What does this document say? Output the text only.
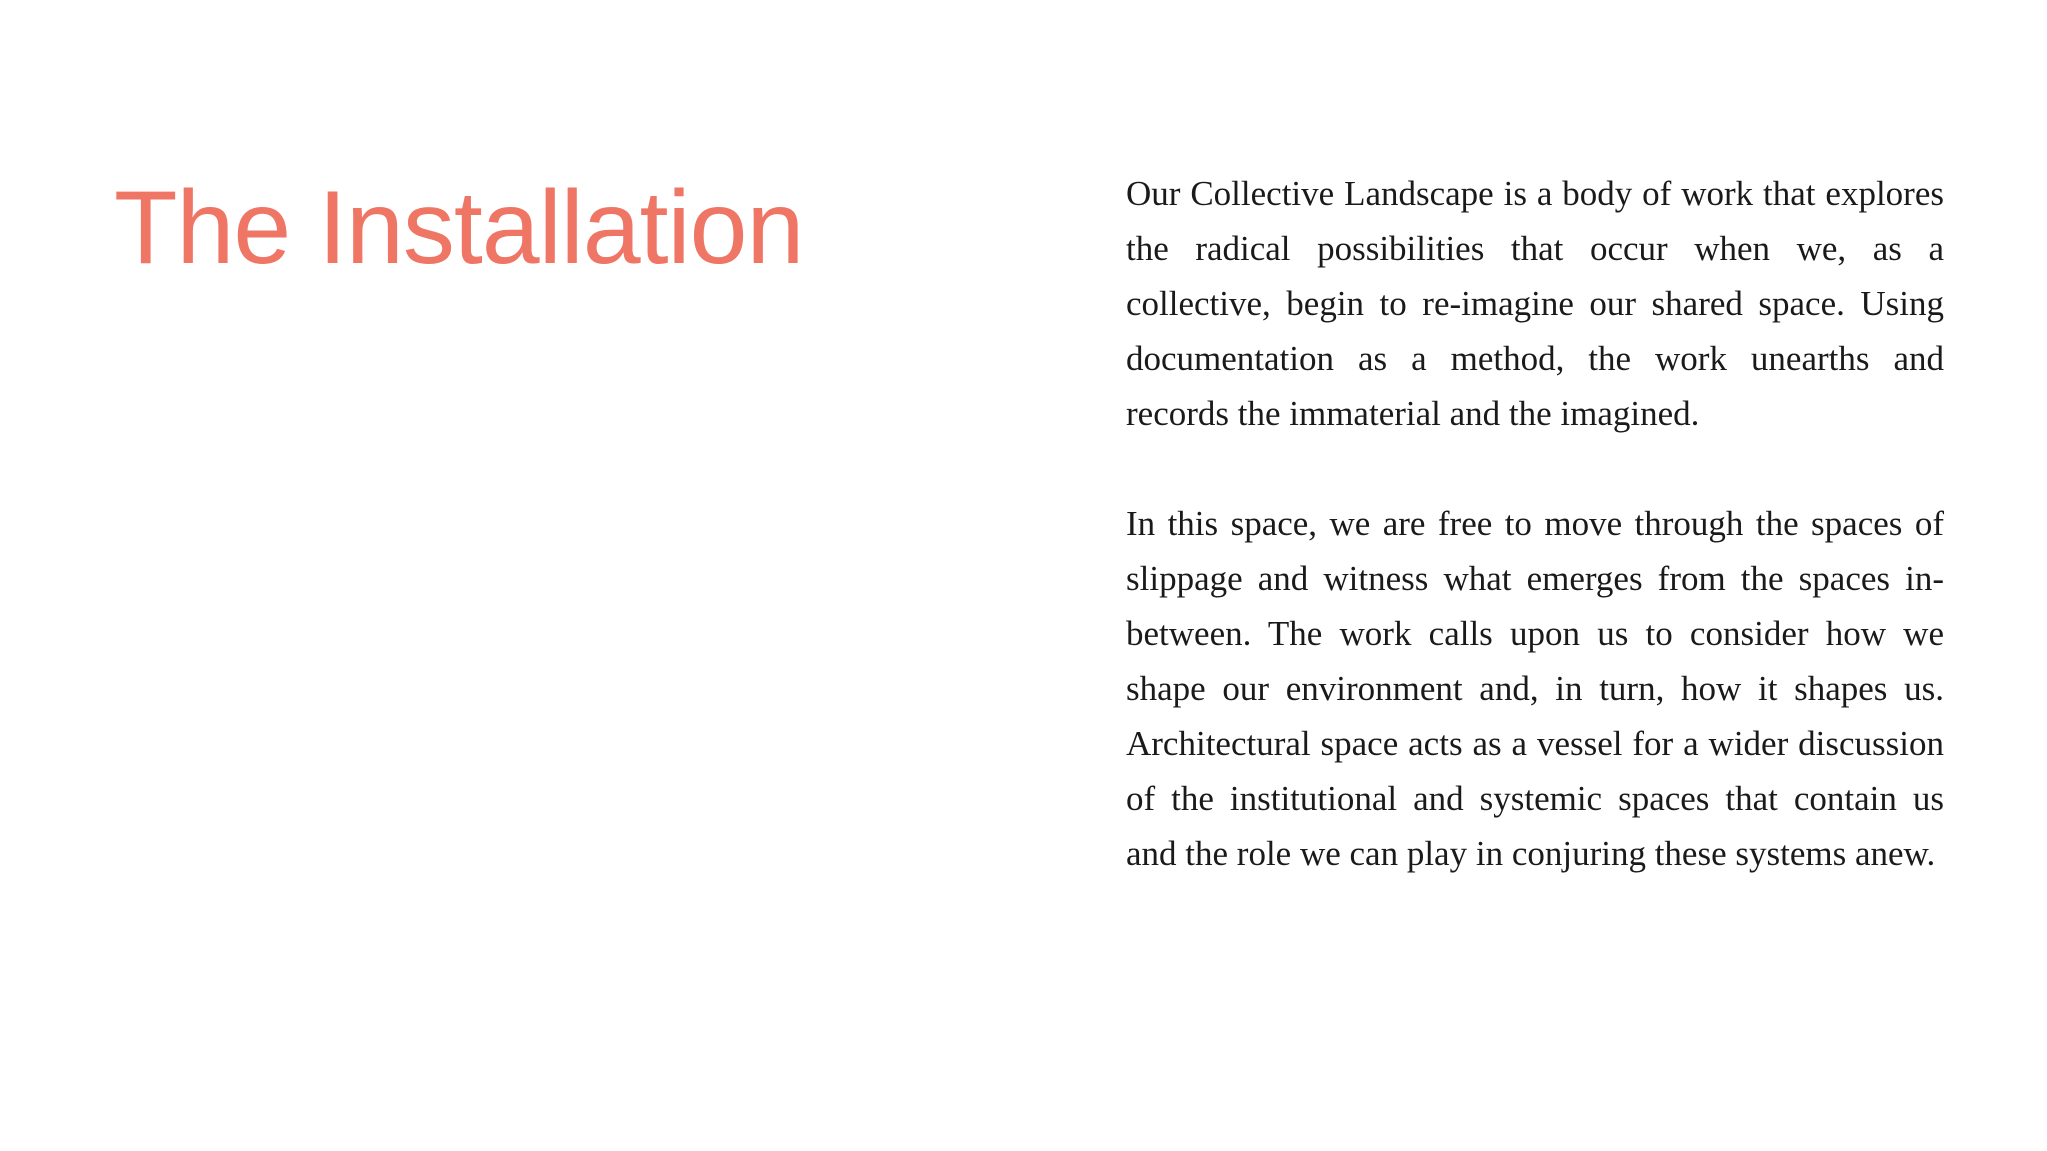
The Installation	Our Collective Landscape is a body of work that explores the radical possibilities that occur when we, as a collective, begin to re-imagine our shared space. Using documentation as a method, the work unearths and records the immaterial and the imagined.

In this space, we are free to move through the spaces of slippage and witness what emerges from the spaces in-between. The work calls upon us to consider how we shape our environment and, in turn, how it shapes us. Architectural space acts as a vessel for a wider discussion of the institutional and systemic spaces that contain us and the role we can play in conjuring these systems anew.
